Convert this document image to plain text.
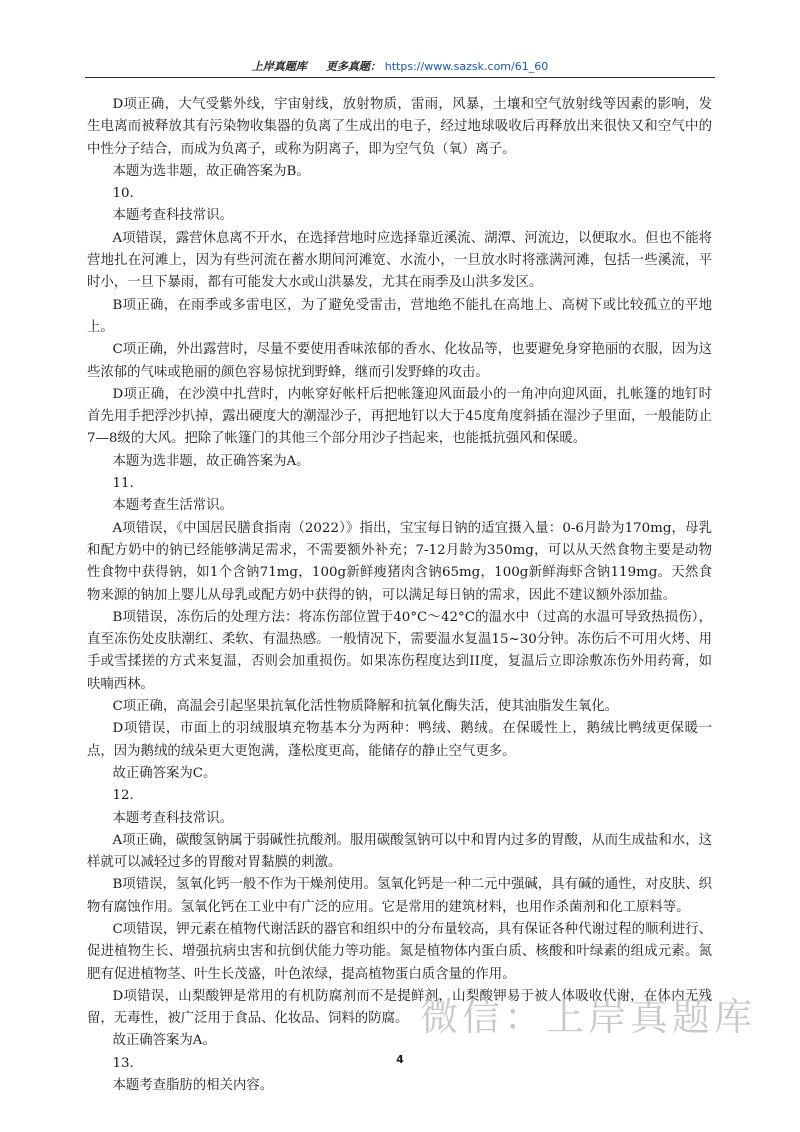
上岸真题库 更多真题： https://www.sazsk.com/61_60

D项正确，大气受紫外线，宇宙射线，放射物质，雷雨，风暴，土壤和空气放射线等因素的影响，发生电离而被释放其有污染物收集器的负离了生成出的电子，经过地球吸收后再释放出来很快又和空气中的中性分子结合，而成为负离子，或称为阴离子，即为空气负（氧）离子。

本题为选非题，故正确答案为B。

10.

本题考查科技常识。

A项错误，露营休息离不开水，在选择营地时应选择靠近溪流、湖潭、河流边，以便取水。但也不能将营地扎在河滩上，因为有些河流在蓄水期间河滩宽、水流小，一旦放水时将涨满河滩，包括一些溪流，平时小，一旦下暴雨，都有可能发大水或山洪暴发，尤其在雨季及山洪多发区。

B项正确，在雨季或多雷电区，为了避免受雷击，营地绝不能扎在高地上、高树下或比较孤立的平地上。

C项正确，外出露营时，尽量不要使用香味浓郁的香水、化妆品等，也要避免身穿艳丽的衣服，因为这些浓郁的气味或艳丽的颜色容易惊扰到野蜂，继而引发野蜂的攻击。

D项正确，在沙漠中扎营时，内帐穿好帐杆后把帐篷迎风面最小的一角冲向迎风面，扎帐篷的地钉时首先用手把浮沙扒掉，露出硬度大的潮湿沙子，再把地钉以大于45度角度斜插在湿沙子里面，一般能防止7—8级的大风。把除了帐篷门的其他三个部分用沙子挡起来，也能抵抗强风和保暖。

本题为选非题，故正确答案为A。

11.

本题考查生活常识。

A项错误，《中国居民膳食指南（2022）》指出，宝宝每日钠的适宜摄入量：0-6月龄为170mg，母乳和配方奶中的钠已经能够满足需求，不需要额外补充；7-12月龄为350mg，可以从天然食物主要是动物性食物中获得钠，如1个含钠71mg，100g新鲜瘦猪肉含钠65mg，100g新鲜海虾含钠119mg。天然食物来源的钠加上婴儿从母乳或配方奶中获得的钠，可以满足每日钠的需求，因此不建议额外添加盐。

B项错误，冻伤后的处理方法：将冻伤部位置于40°C～42°C的温水中（过高的水温可导致热损伤），直至冻伤处皮肤潮红、柔软、有温热感。一般情况下，需要温水复温15~30分钟。冻伤后不可用火烤、用手或雪揉搓的方式来复温，否则会加重损伤。如果冻伤程度达到II度，复温后立即涂敷冻伤外用药膏，如呋喃西林。

C项正确，高温会引起坚果抗氧化活性物质降解和抗氧化酶失活，使其油脂发生氧化。

D项错误，市面上的羽绒服填充物基本分为两种：鸭绒、鹅绒。在保暖性上，鹅绒比鸭绒更保暖一点，因为鹅绒的绒朵更大更饱满，蓬松度更高，能储存的静止空气更多。

故正确答案为C。

12.

本题考查科技常识。

A项正确，碳酸氢钠属于弱碱性抗酸剂。服用碳酸氢钠可以中和胃内过多的胃酸，从而生成盐和水，这样就可以减轻过多的胃酸对胃黏膜的刺激。

B项错误，氢氧化钙一般不作为干燥剂使用。氢氧化钙是一种二元中强碱，具有碱的通性，对皮肤、织物有腐蚀作用。氢氧化钙在工业中有广泛的应用。它是常用的建筑材料，也用作杀菌剂和化工原料等。

C项错误，钾元素在植物代谢活跃的器官和组织中的分布量较高，具有保证各种代谢过程的顺利进行、促进植物生长、增强抗病虫害和抗倒伏能力等功能。氮是植物体内蛋白质、核酸和叶绿素的组成元素。氮肥有促进植物茎、叶生长茂盛，叶色浓绿，提高植物蛋白质含量的作用。

D项错误，山梨酸钾是常用的有机防腐剂而不是提鲜剂，山梨酸钾易于被人体吸收代谢，在体内无残留，无毒性，被广泛用于食品、化妆品、饲料的防腐。

故正确答案为A。

13.

本题考查脂肪的相关内容。

微信：上岸真题库
4
